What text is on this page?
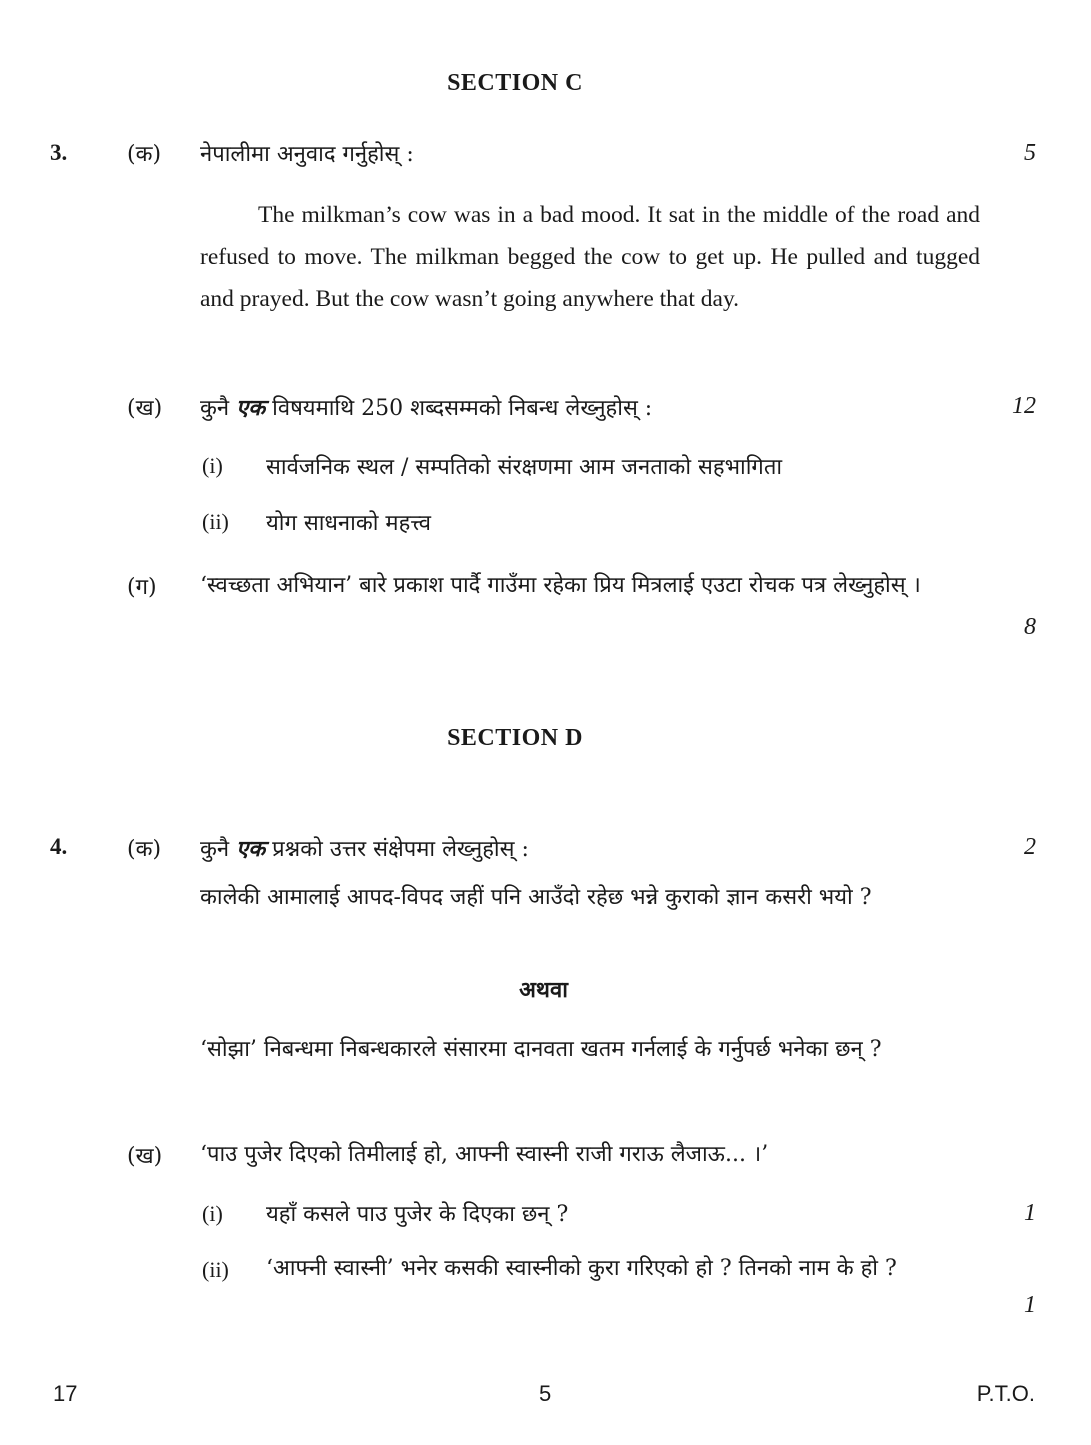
SECTION C
3.	(क) नेपालीमा अनुवाद गर्नुहोस् :	5
The milkman’s cow was in a bad mood. It sat in the middle of the road and refused to move. The milkman begged the cow to get up. He pulled and tugged and prayed. But the cow wasn’t going anywhere that day.
(ख) कुनै एक विषयमाथि 250 शब्दसम्मको निबन्ध लेख्नुहोस् :	12
(i) सार्वजनिक स्थल / सम्पतिको संरक्षणमा आम जनताको सहभागिता
(ii) योग साधनाको महत्त्व
(ग) ‘स्वच्छता अभियान’ बारे प्रकाश पार्दै गाउँमा रहेका प्रिय मित्रलाई एउटा रोचक पत्र लेख्नुहोस् ।
8
SECTION D
4.	(क) कुनै एक प्रश्नको उत्तर संक्षेपमा लेख्नुहोस् :	2
कालेकी आमालाई आपद-विपद जहीं पनि आउँदो रहेछ भन्ने कुराको ज्ञान कसरी भयो ?
अथवा
‘सोझा’ निबन्धमा निबन्धकारले संसारमा दानवता खतम गर्नलाई के गर्नुपर्छ भनेका छन् ?
(ख) ‘पाउ पुजेर दिएको तिमीलाई हो, आफ्नी स्वास्नी राजी गराऊ लैजाऊ... ।’
(i) यहाँ कसले पाउ पुजेर के दिएका छन् ?	1
(ii) ‘आफ्नी स्वास्नी’ भनेर कसकी स्वास्नीको कुरा गरिएको हो ? तिनको नाम के हो ?
1
17	5	P.T.O.
